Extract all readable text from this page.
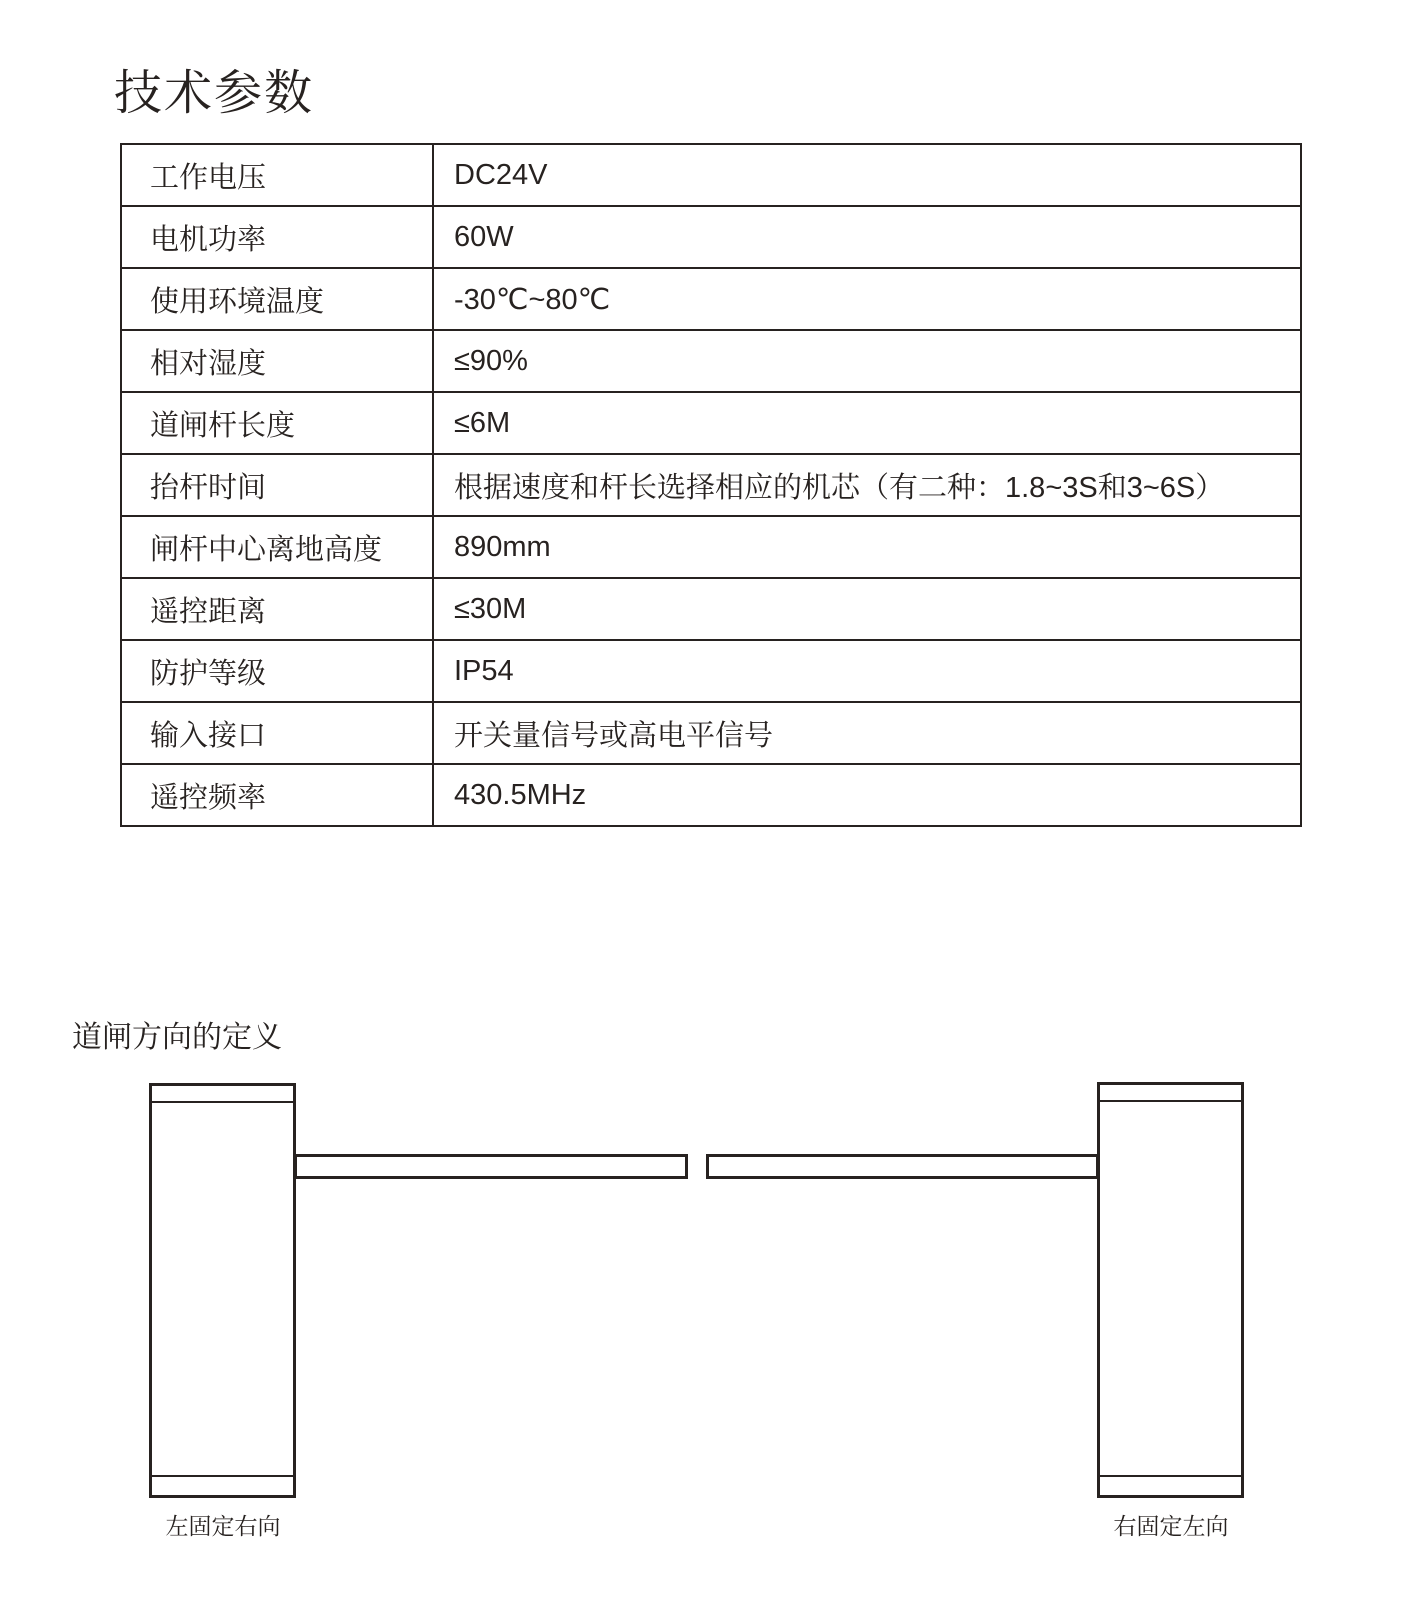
技术参数
工作电压	DC24V
电机功率	60W
使用环境温度	-30℃~80℃
相对湿度	≤90%
道闸杆长度	≤6M
抬杆时间	根据速度和杆长选择相应的机芯（有二种：1.8~3S和3~6S）
闸杆中心离地高度	890mm
遥控距离	≤30M
防护等级	IP54
输入接口	开关量信号或高电平信号
遥控频率	430.5MHz
道闸方向的定义
左固定右向	右固定左向
